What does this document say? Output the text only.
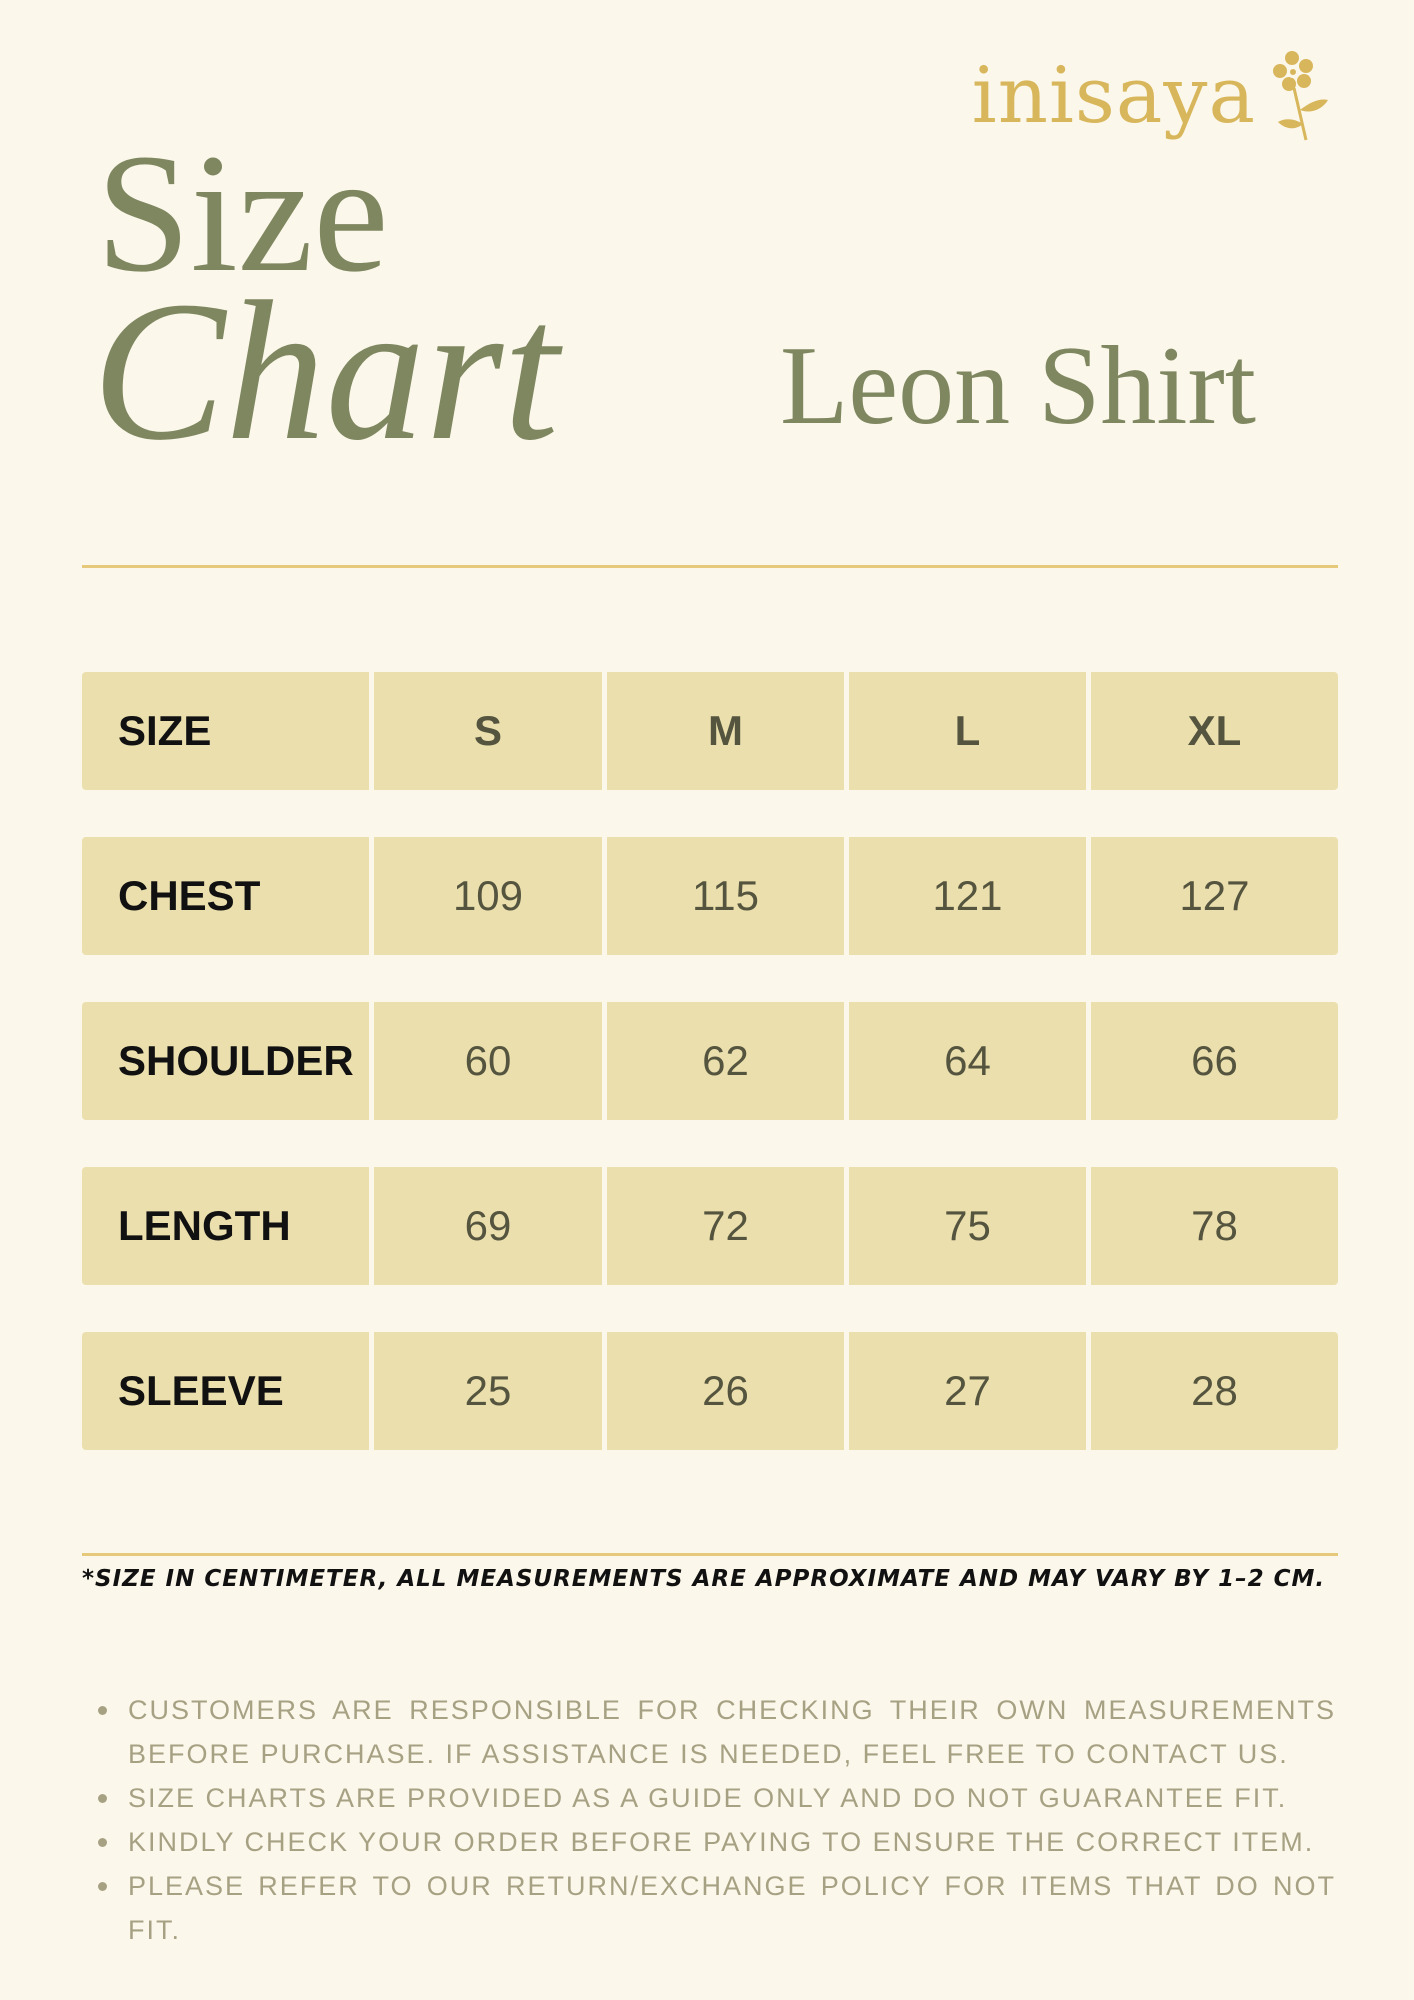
inisaya
Size
Chart Leon Shirt
SIZE	S	M	L	XL
CHEST	109	115	121	127
SHOULDER	60	62	64	66
LENGTH	69	72	75	78
SLEEVE	25	26	27	28
*SIZE IN CENTIMETER, ALL MEASUREMENTS ARE APPROXIMATE AND MAY VARY BY 1–2 CM.
CUSTOMERS ARE RESPONSIBLE FOR CHECKING THEIR OWN MEASUREMENTS BEFORE PURCHASE. IF ASSISTANCE IS NEEDED, FEEL FREE TO CONTACT US.
SIZE CHARTS ARE PROVIDED AS A GUIDE ONLY AND DO NOT GUARANTEE FIT.
KINDLY CHECK YOUR ORDER BEFORE PAYING TO ENSURE THE CORRECT ITEM.
PLEASE REFER TO OUR RETURN/EXCHANGE POLICY FOR ITEMS THAT DO NOT FIT.
